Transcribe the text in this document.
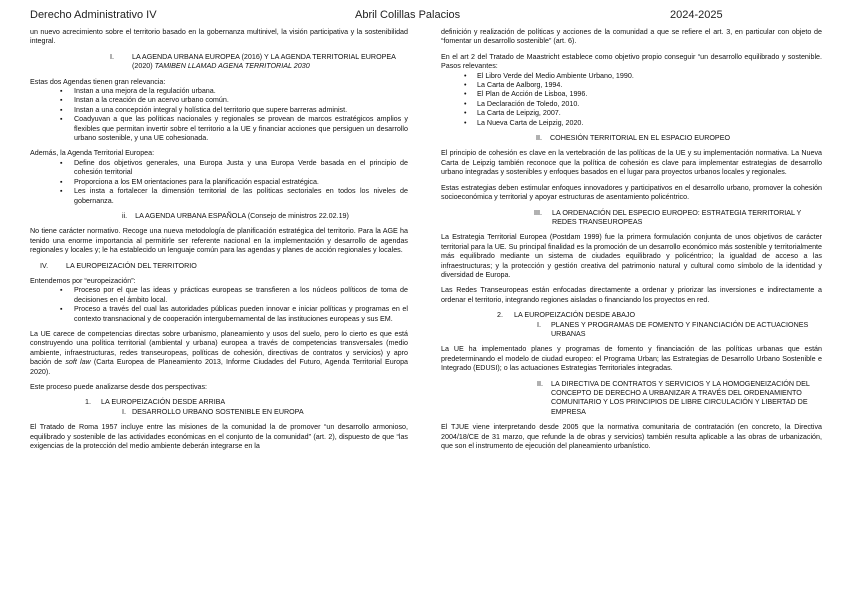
Derecho Administrativo IV	Abril Colillas Palacios	2024-2025

un nuevo acrecimiento sobre el territorio basado en la gobernanza multinivel, la visión participativa y la sostenibilidad integral.

I.	LA AGENDA URBANA EUROPEA (2016) Y LA AGENDA TERRITORIAL EUROPEA (2020) TAMIBEN LLAMAD AGENA TERRITORIAL 2030

Estas dos Agendas tienen gran relevancia:

▪ Instan a una mejora de la regulación urbana.
▪ Instan a la creación de un acervo urbano común.
▪ Instan a una concepción integral y holística del territorio que supere barreras administ.
▪ Coadyuvan a que las políticas nacionales y regionales se provean de marcos estratégicos amplios y flexibles que permitan invertir sobre el territorio a la UE y financiar acciones que persiguen un desarrollo urbano sostenible, y una UE cohesionada.

Además, la Agenda Territorial Europea:

▪ Define dos objetivos generales, una Europa Justa y una Europa Verde basada en el principio de cohesión territorial
▪ Proporciona a los EM orientaciones para la planificación espacial estratégica.
▪ Les insta a fortalecer la dimensión territorial de las políticas sectoriales en todos los niveles de gobernanza.
ii. LA AGENDA URBANA ESPAÑOLA (Consejo de ministros 22.02.19)

No tiene carácter normativo. Recoge una nueva metodología de planificación estratégica del territorio. Para la AGE ha tenido una enorme importancia al permitirle ser referente nacional en la implementación y desarrollo de agendas regionales y locales y; le ha establecido un lenguaje común para las agendas y planes de acción regionales y locales.

IV.	LA EUROPEIZACIÓN DEL TERRITORIO

Entendemos por “europeización”:

▪ Proceso por el que las ideas y prácticas europeas se transfieren a los núcleos políticos de toma de decisiones en el ámbito local.
▪ Proceso a través del cual las autoridades públicas pueden innovar e iniciar políticas y programas en el contexto transnacional y de cooperación intergubernamental de las instituciones europeas y sus EM.

La UE carece de competencias directas sobre urbanismo, planeamiento y usos del suelo, pero lo cierto es que está construyendo una política territorial (ambiental y urbana) europea a través de competencias transversales (medio ambiente, infraestructuras, redes transeuropeas, políticas de cohesión, directivas de contratos y servicios) y apro bación de soft law (Carta Europea de Planeamiento 2013, Informe Ciudades del Futuro, Agenda Territorial Europa 2020).

Este proceso puede analizarse desde dos perspectivas:

1.	LA EUROPEIZACIÓN DESDE ARRIBA
I. DESARROLLO URBANO SOSTENIBLE EN EUROPA

El Tratado de Roma 1957 incluye entre las misiones de la comunidad la de promover “un desarrollo armonioso, equilibrado y sostenible de las actividades económicas en el conjunto de la comunidad” (art. 2), dispuesto de que “las exigencias de la protección del medio ambiente deberán integrarse en la

definición y realización de políticas y acciones de la comunidad a que se refiere el art. 3, en particular con objeto de “fomentar un desarrollo sostenible” (art. 6).

En el art 2 del Tratado de Maastricht establece como objetivo propio conseguir “un desarrollo equilibrado y sostenible. Pasos relevantes:

• El Libro Verde del Medio Ambiente Urbano, 1990.
• La Carta de Aalborg, 1994.
• El Plan de Acción de Lisboa, 1996.
• La Declaración de Toledo, 2010.
• La Carta de Leipzig, 2007.
• La Nueva Carta de Leipzig, 2020.
II.	COHESIÓN TERRITORIAL EN EL ESPACIO EUROPEO

El principio de cohesión es clave en la vertebración de las políticas de la UE y su implementación normativa. La Nueva Carta de Leipzig también reconoce que la política de cohesión es clave para implementar estrategias de desarrollo urbano integradas y sostenibles y enfoques basados en el lugar para proyectos urbanos locales y regionales.

Estas estrategias deben estimular enfoques innovadores y participativos en el desarrollo urbano, promover la cohesión socioeconómica y territorial y apoyar estructuras de asentamiento policéntrico.

III.	LA ORDENACIÓN DEL ESPECIO EUROPEO: ESTRATEGIA TERRITORIAL Y REDES TRANSEUROPEAS

La Estrategia Territorial Europea (Postdam 1999) fue la primera formulación conjunta de unos objetivos de carácter territorial para la UE. Su principal finalidad es la promoción de un desarrollo económico más sostenible y territorialmente más equilibrado mediante un sistema de ciudades equilibrado y policéntrico; la igualdad de acceso a las infraestructuras; y la protección y gestión creativa del patrimonio natural y cultural como símbolo de la identidad y diversidad de Europa.

Las Redes Transeuropeas están enfocadas directamente a ordenar y priorizar las inversiones e indirectamente a ordenar el territorio, integrando regiones aisladas o financiando los proyectos en red.

2.	LA EUROPEIZACIÓN DESDE ABAJO
I.	PLANES Y PROGRAMAS DE FOMENTO Y FINANCIACIÓN DE ACTUACIONES URBANAS

La UE ha implementado planes y programas de fomento y financiación de las políticas urbanas que están predeterminando el modelo de ciudad europeo: el Programa Urban; las Estrategias de Desarrollo Urbano Sostenible e Integrado (EDUSI); o las actuaciones Estrategias Territoriales integradas.

II.	LA DIRECTIVA DE CONTRATOS Y SERVICIOS Y LA HOMOGENEIZACIÓN DEL CONCEPTO DE DERECHO A URBANIZAR A TRAVÉS DEL ORDENAMIENTO COMUNITARIO Y LOS PRINCIPIOS DE LIBRE CIRCULACIÓN Y LIBERTAD DE EMPRESA

El TJUE viene interpretando desde 2005 que la normativa comunitaria de contratación (en concreto, la Directiva 2004/18/CE de 31 marzo, que refunde la de obras y servicios) también resulta aplicable a las obras de urbanización, que son el instrumento de ejecución del planeamiento urbanístico.
